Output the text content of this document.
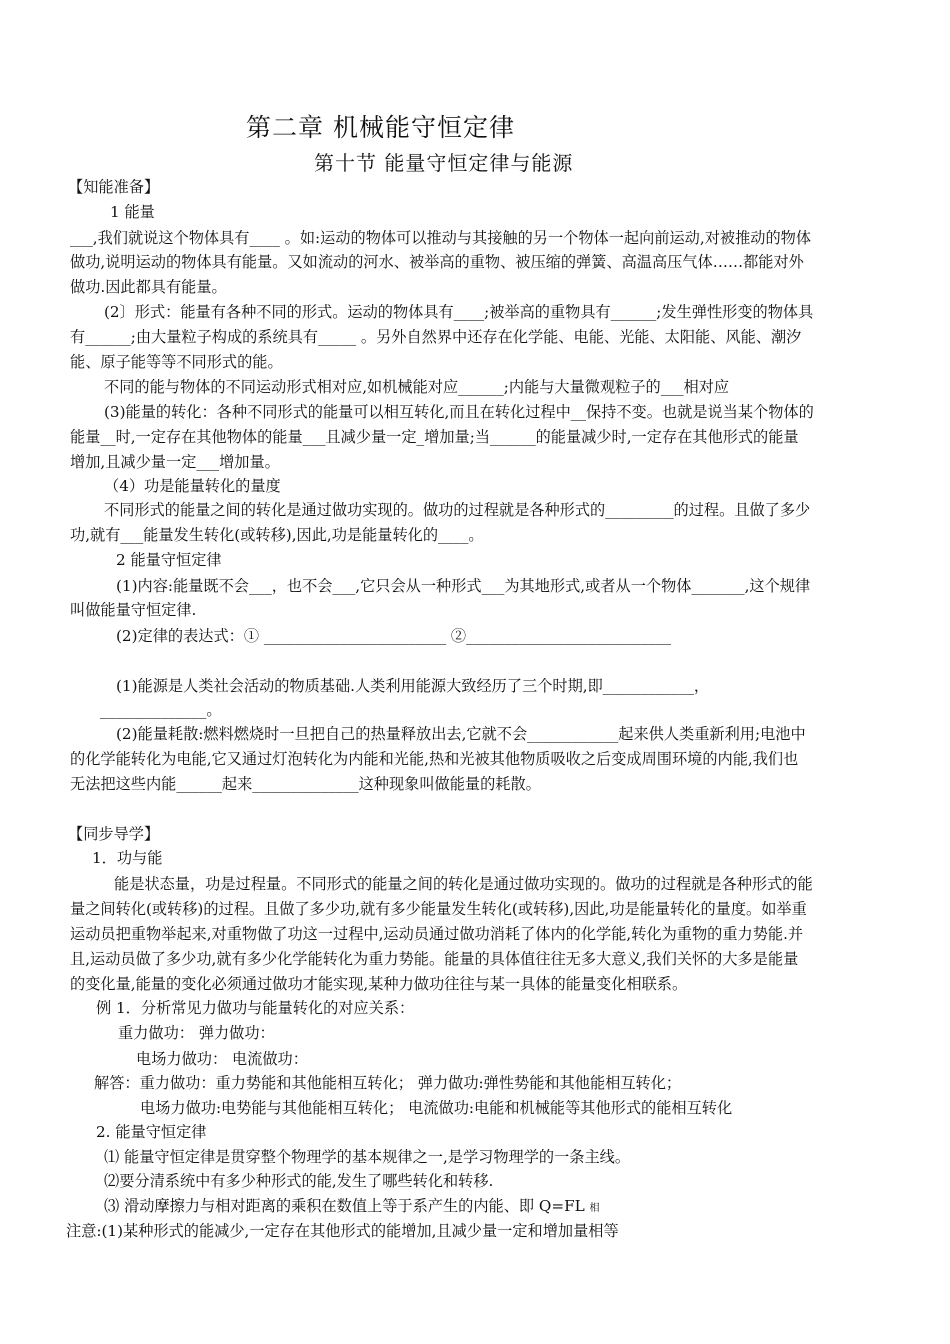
第二章 机械能守恒定律
第十节 能量守恒定律与能源
【知能准备】
1 能量
___,我们就说这个物体具有____ 。如:运动的物体可以推动与其接触的另一个物体一起向前运动,对被推动的物体
做功,说明运动的物体具有能量。又如流动的河水、被举高的重物、被压缩的弹簧、高温高压气体……都能对外
做功.因此都具有能量。
(2〕形式：能量有各种不同的形式。运动的物体具有____;被举高的重物具有______;发生弹性形变的物体具
有______;由大量粒子构成的系统具有_____ 。另外自然界中还存在化学能、电能、光能、太阳能、风能、潮汐
能、原子能等等不同形式的能。
不同的能与物体的不同运动形式相对应,如机械能对应______;内能与大量微观粒子的___相对应
(3)能量的转化：各种不同形式的能量可以相互转化,而且在转化过程中__保持不变。也就是说当某个物体的
能量__时,一定存在其他物体的能量___且减少量一定_增加量;当______的能量减少时,一定存在其他形式的能量
增加,且减少量一定___增加量。
（4）功是能量转化的量度
不同形式的能量之间的转化是通过做功实现的。做功的过程就是各种形式的_________的过程。且做了多少
功,就有___能量发生转化(或转移),因此,功是能量转化的____。
2 能量守恒定律
(1)内容:能量既不会___，也不会___,它只会从一种形式___为其地形式,或者从一个物体_______,这个规律
叫做能量守恒定律.
(2)定律的表达式：① ________________________ ②___________________________
(1)能源是人类社会活动的物质基础.人类利用能源大致经历了三个时期,即____________，
______________。
(2)能量耗散:燃料燃烧时一旦把自己的热量释放出去,它就不会____________起来供人类重新利用;电池中
的化学能转化为电能,它又通过灯泡转化为内能和光能,热和光被其他物质吸收之后变成周围环境的内能,我们也
无法把这些内能______起来______________这种现象叫做能量的耗散。
【同步导学】
1．功与能
能是状态量，功是过程量。不同形式的能量之间的转化是通过做功实现的。做功的过程就是各种形式的能
量之间转化(或转移)的过程。且做了多少功,就有多少能量发生转化(或转移),因此,功是能量转化的量度。如举重
运动员把重物举起来,对重物做了功这一过程中,运动员通过做功消耗了体内的化学能,转化为重物的重力势能.并
且,运动员做了多少功,就有多少化学能转化为重力势能。能量的具体值往往无多大意义,我们关怀的大多是能量
的变化量,能量的变化必须通过做功才能实现,某种力做功往往与某一具体的能量变化相联系。
例 1．分析常见力做功与能量转化的对应关系：
重力做功： 弹力做功：
电场力做功： 电流做功：
解答：重力做功：重力势能和其他能相互转化； 弹力做功:弹性势能和其他能相互转化；
电场力做功:电势能与其他能相互转化； 电流做功:电能和机械能等其他形式的能相互转化
2. 能量守恒定律
⑴ 能量守恒定律是贯穿整个物理学的基本规律之一,是学习物理学的一条主线。
⑵要分清系统中有多少种形式的能,发生了哪些转化和转移.
⑶ 滑动摩擦力与相对距离的乘积在数值上等于系产生的内能、即 Q=FL 相
注意:(1)某种形式的能减少,一定存在其他形式的能增加,且减少量一定和增加量相等
